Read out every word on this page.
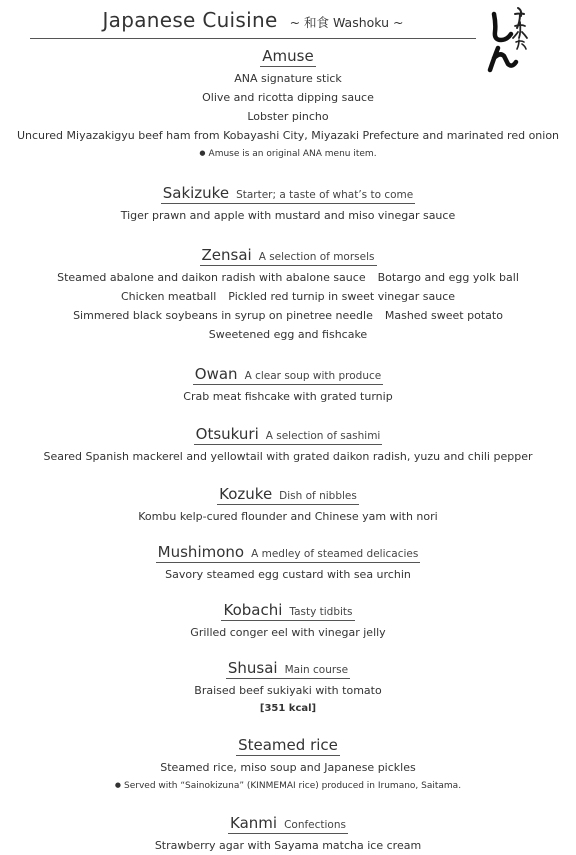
Japanese Cuisine ~ 和食 Washoku ~
Amuse
ANA signature stick
Olive and ricotta dipping sauce
Lobster pincho
Uncured Miyazakigyu beef ham from Kobayashi City, Miyazaki Prefecture and marinated red onion
● Amuse is an original ANA menu item.
Sakizuke Starter; a taste of what’s to come
Tiger prawn and apple with mustard and miso vinegar sauce
Zensai A selection of morsels
Steamed abalone and daikon radish with abalone sauce Botargo and egg yolk ball
Chicken meatball Pickled red turnip in sweet vinegar sauce
Simmered black soybeans in syrup on pinetree needle Mashed sweet potato
Sweetened egg and fishcake
Owan A clear soup with produce
Crab meat fishcake with grated turnip
Otsukuri A selection of sashimi
Seared Spanish mackerel and yellowtail with grated daikon radish, yuzu and chili pepper
Kozuke Dish of nibbles
Kombu kelp-cured flounder and Chinese yam with nori
Mushimono A medley of steamed delicacies
Savory steamed egg custard with sea urchin
Kobachi Tasty tidbits
Grilled conger eel with vinegar jelly
Shusai Main course
Braised beef sukiyaki with tomato
[351 kcal]
Steamed rice
Steamed rice, miso soup and Japanese pickles
● Served with “Sainokizuna” (KINMEMAI rice) produced in Irumano, Saitama.
Kanmi Confections
Strawberry agar with Sayama matcha ice cream
